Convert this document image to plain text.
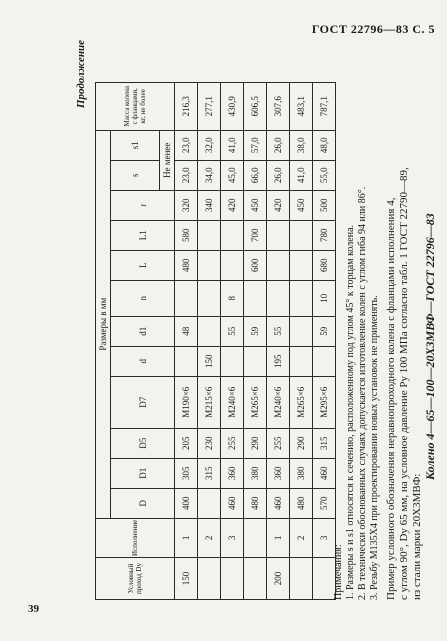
ГОСТ 22796—83 С. 5
39
Продолжение
Условный проход Dy	Исполнение	Размеры в мм												Масса колена с фланцами, кг, не более
		D	D1	D5	D7	d	d1	n	L	L1	r	s	s1	
												Не менее		
150	1	400	305	205	M190×6		48		480	580	320	23,0	23,0	216,3
	2		315	230	M215×6	150					340	34,0	32,0	277,1
	3	460	360	255	M240×6		55	8			420	45,0	41,0	430,9
		480	380	290	M265×6		59		600	700	450	66,0	57,0	606,5
200	1	460	360	255	M240×6	195	55				420	26,0	26,0	307,6
	2	480	380	290	M265×6						450	41,0	38,0	483,1
	3	570	460	315	M295×6		59	10	680	780	500	55,0	48,0	787,1

Примечания: 1. Размеры s и s1 относятся к сечению, расположенному под углом 45° к торцам колена. 2. В технически обоснованных случаях допускается изготовление колен с углом гиба 94 или 86°. 3. Резьбу M135X4 при проектировании новых установок не применять. Пример условного обозначения неравнопроходного колена с фланцами исполнения 4, с углом 90°, Dy 65 мм, на условное давление Py 100 МПа согласно табл. 1 ГОСТ 22790—89, из стали марки 20Х3МВФ:

Колено 4—65—100—20Х3МВФ—ГОСТ 22796—83
